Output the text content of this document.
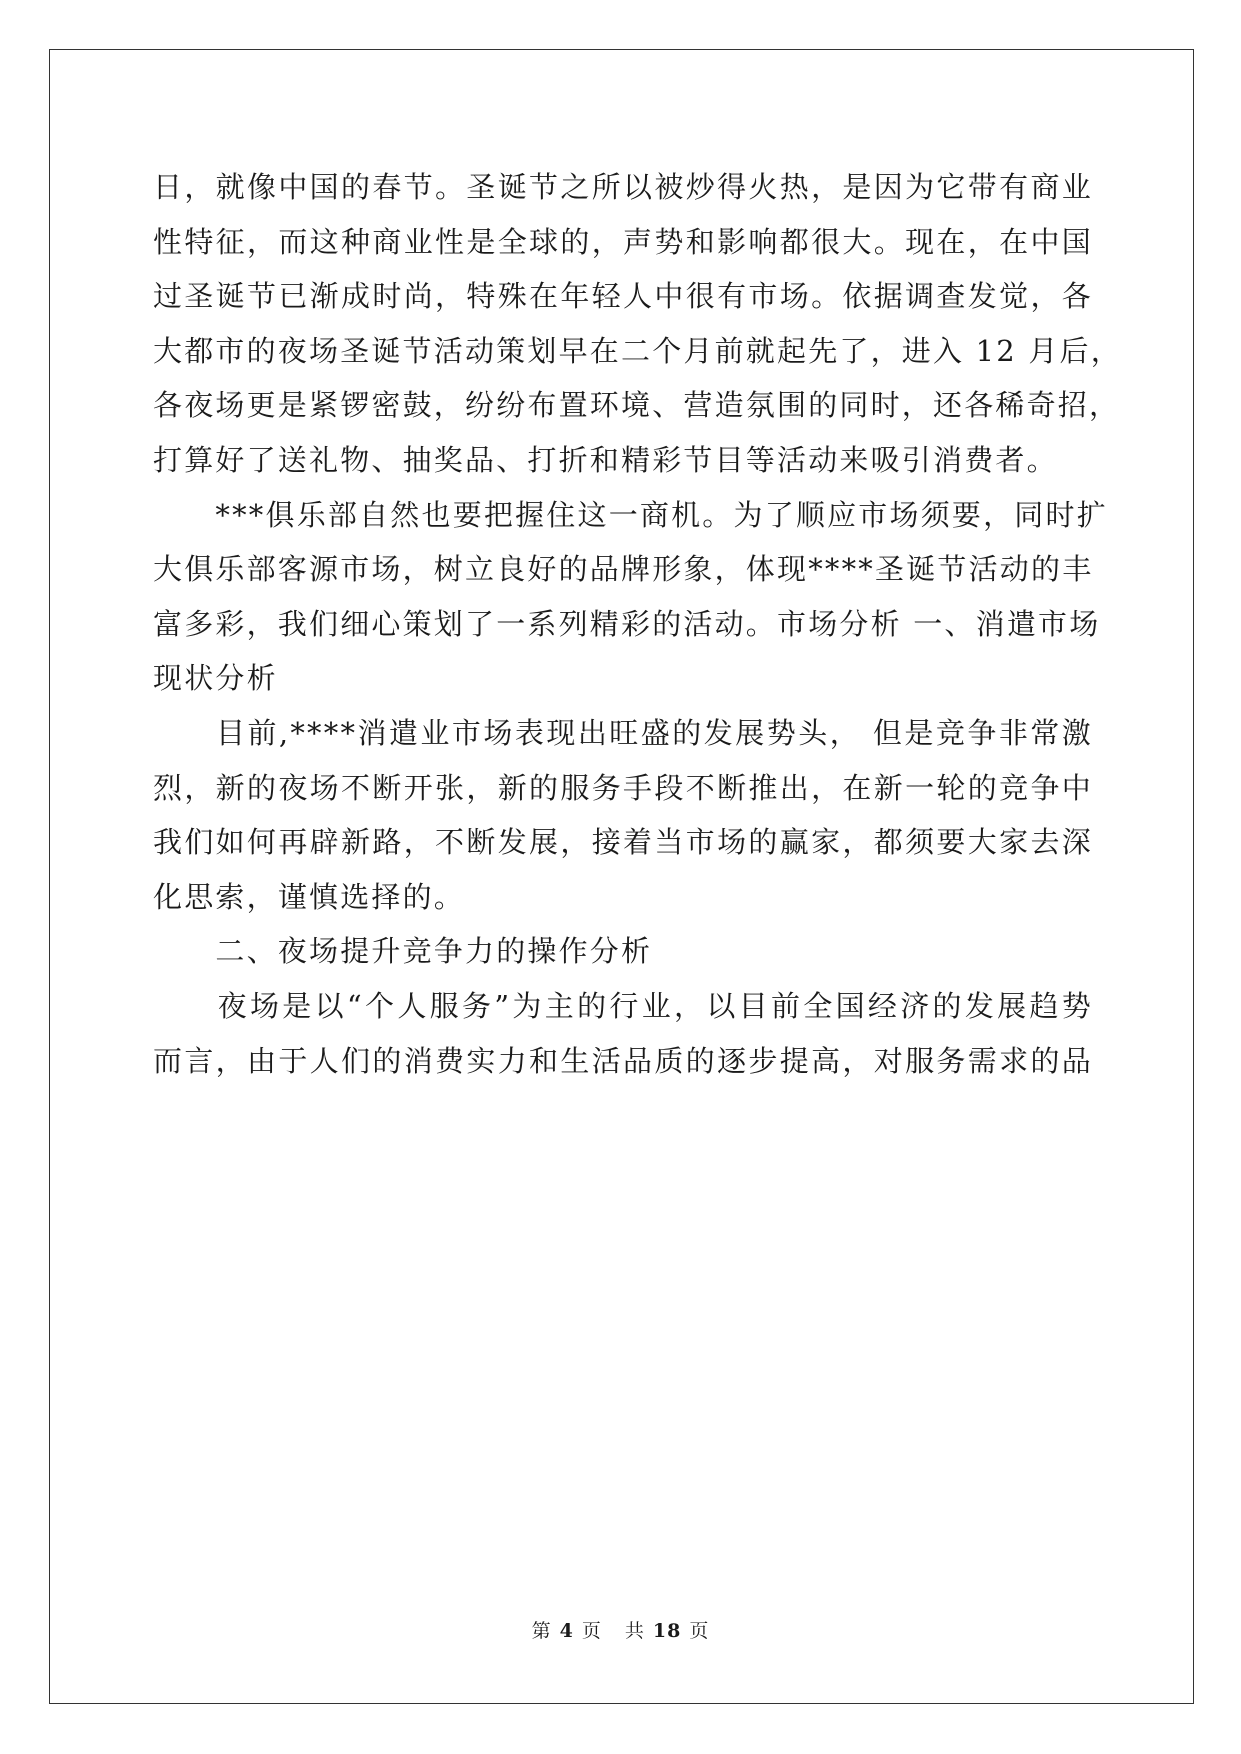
日，就像中国的春节。圣诞节之所以被炒得火热，是因为它带有商业
性特征，而这种商业性是全球的，声势和影响都很大。现在，在中国
过圣诞节已渐成时尚，特殊在年轻人中很有市场。依据调查发觉，各
大都市的夜场圣诞节活动策划早在二个月前就起先了，进入 12 月后，
各夜场更是紧锣密鼓，纷纷布置环境、营造氛围的同时，还各稀奇招，
打算好了送礼物、抽奖品、打折和精彩节目等活动来吸引消费者。
　　***俱乐部自然也要把握住这一商机。为了顺应市场须要，同时扩
大俱乐部客源市场，树立良好的品牌形象，体现****圣诞节活动的丰
富多彩，我们细心策划了一系列精彩的活动。市场分析 一、消遣市场
现状分析
　　目前,****消遣业市场表现出旺盛的发展势头， 但是竞争非常激
烈，新的夜场不断开张，新的服务手段不断推出，在新一轮的竞争中
我们如何再辟新路，不断发展，接着当市场的赢家，都须要大家去深
化思索，谨慎选择的。
　　二、夜场提升竞争力的操作分析
　　夜场是以“个人服务”为主的行业，以目前全国经济的发展趋势
而言，由于人们的消费实力和生活品质的逐步提高，对服务需求的品
第 4 页 共 18 页
